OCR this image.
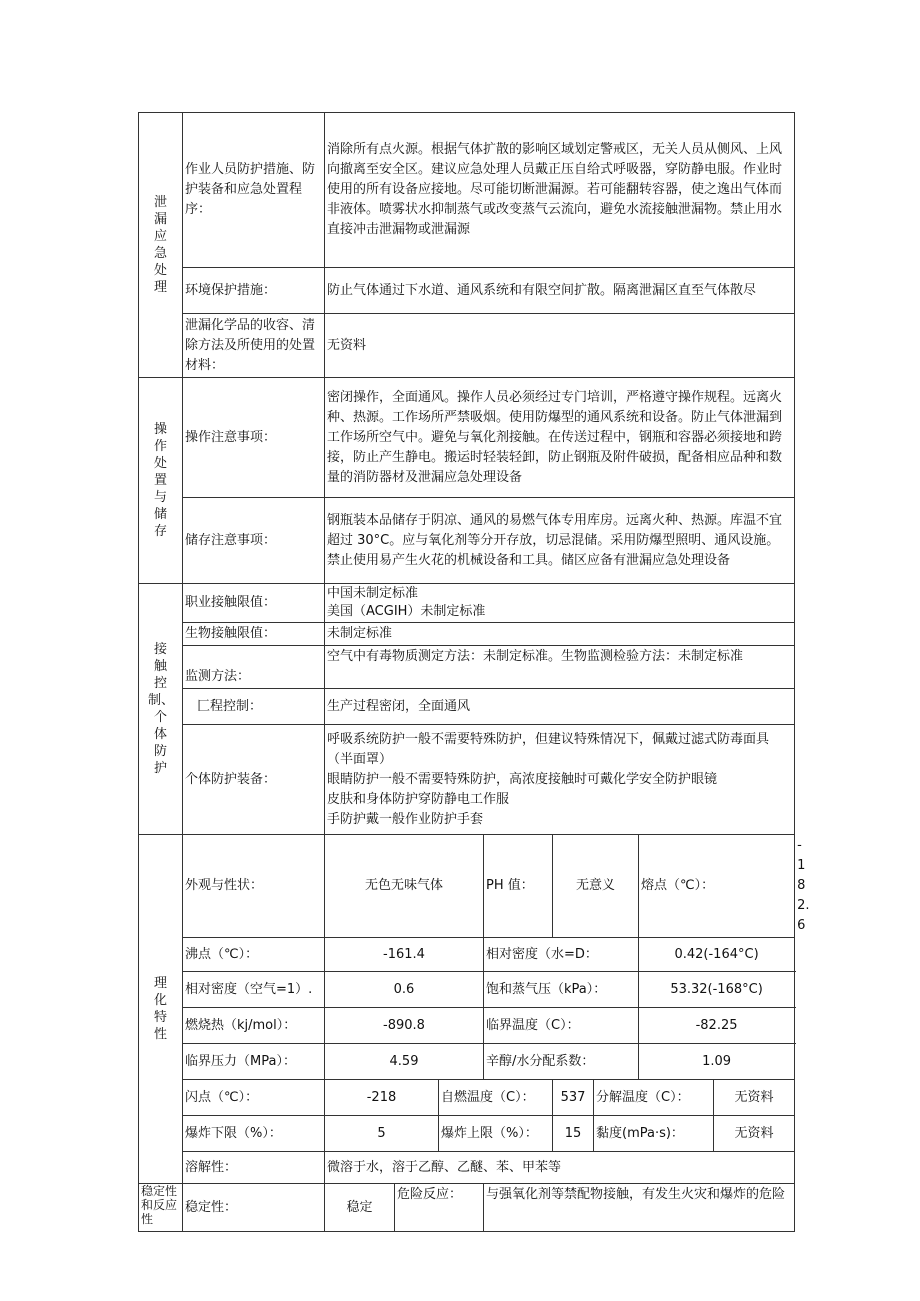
泄漏应急处理	作业人员防护措施、防护装备和应急处置程序：	消除所有点火源。根据气体扩散的影响区域划定警戒区，无关人员从侧风、上风向撤离至安全区。建议应急处理人员戴正压自给式呼吸器，穿防静电服。作业时使用的所有设备应接地。尽可能切断泄漏源。若可能翻转容器，使之逸出气体而非液体。喷雾状水抑制蒸气或改变蒸气云流向，避免水流接触泄漏物。禁止用水直接冲击泄漏物或泄漏源								
	环境保护措施：	防止气体通过下水道、通风系统和有限空间扩散。隔离泄漏区直至气体散尽								
	泄漏化学品的收容、清除方法及所使用的处置材料：	无资料								
操作处置与储存	操作注意事项：	密闭操作，全面通风。操作人员必须经过专门培训，严格遵守操作规程。远离火种、热源。工作场所严禁吸烟。使用防爆型的通风系统和设备。防止气体泄漏到工作场所空气中。避免与氧化剂接触。在传送过程中，钢瓶和容器必须接地和跨接，防止产生静电。搬运时轻装轻卸，防止钢瓶及附件破损，配备相应品种和数量的消防器材及泄漏应急处理设备								
	储存注意事项：	钢瓶装本品储存于阴凉、通风的易燃气体专用库房。远离火种、热源。库温不宜超过 30°C。应与氧化剂等分开存放，切忌混储。采用防爆型照明、通风设施。禁止使用易产生火花的机械设备和工具。储区应备有泄漏应急处理设备								
接触控制、个体防护	职业接触限值：	中国未制定标准
美国（ACGIH）未制定标准								

	生物接触限值：	未制定标准								
	监测方法：	空气中有毒物质测定方法：未制定标准。生物监测检验方法：未制定标准								
	匚程控制：	生产过程密闭，全面通风								
	个体防护装备：	呼吸系统防护一般不需要特殊防护，但建议特殊情况下，佩戴过滤式防毒面具（半面罩）
眼睛防护一般不需要特殊防护，高浓度接触时可戴化学安全防护眼镜
皮肤和身体防护穿防静电工作服
手防护戴一般作业防护手套								

理化特性	外观与性状：	无色无味气体			PH 值：	无意义		熔点（℃）：		-182.6
	沸点（℃）：	-161.4			相对密度（水=D：			0.42(-164°C)		
	相对密度（空气=1）.	0.6			饱和蒸气压（kPa）：			53.32(-168°C)		
	燃烧热（kj/mol）：	-890.8			临界温度（C）：			-82.25		
	临界压力（MPa）：	4.59			辛醇/水分配系数：			1.09		
	闪点（℃）：	-218		自燃温度（C）：		537	分解温度（C）：		无资料	
	爆炸下限（%）：	5		爆炸上限（%）：		15	黏度(mPa·s)：		无资料	
	溶解性：	微溶于水，溶于乙醇、乙醚、苯、甲苯等								
稳定性和反应性	稳定性：	稳定	危险反应：		与强氧化剂等禁配物接触，有发生火灾和爆炸的危险					
